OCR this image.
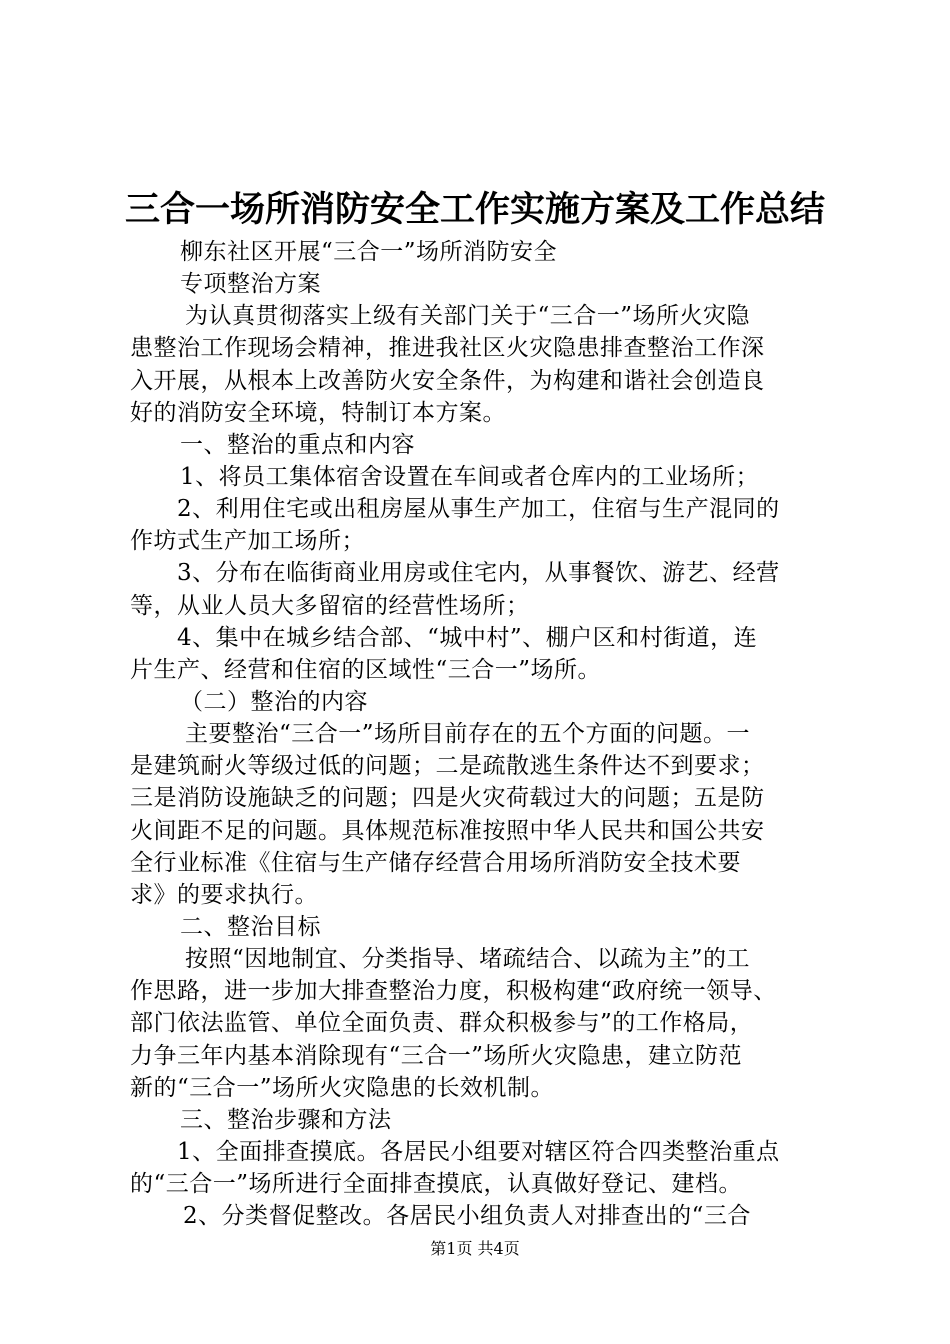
三合一场所消防安全工作实施方案及工作总结
柳东社区开展“三合一”场所消防安全
专项整治方案
为认真贯彻落实上级有关部门关于“三合一”场所火灾隐
患整治工作现场会精神，推进我社区火灾隐患排查整治工作深
入开展，从根本上改善防火安全条件，为构建和谐社会创造良
好的消防安全环境，特制订本方案。
一、整治的重点和内容
1、将员工集体宿舍设置在车间或者仓库内的工业场所；
2、利用住宅或出租房屋从事生产加工，住宿与生产混同的
作坊式生产加工场所；
3、分布在临街商业用房或住宅内，从事餐饮、游艺、经营
等，从业人员大多留宿的经营性场所；
4、集中在城乡结合部、“城中村”、棚户区和村街道，连
片生产、经营和住宿的区域性“三合一”场所。
（二）整治的内容
主要整治“三合一”场所目前存在的五个方面的问题。一
是建筑耐火等级过低的问题；二是疏散逃生条件达不到要求；
三是消防设施缺乏的问题；四是火灾荷载过大的问题；五是防
火间距不足的问题。具体规范标准按照中华人民共和国公共安
全行业标准《住宿与生产储存经营合用场所消防安全技术要
求》的要求执行。
二、整治目标
按照“因地制宜、分类指导、堵疏结合、以疏为主”的工
作思路，进一步加大排查整治力度，积极构建“政府统一领导、
部门依法监管、单位全面负责、群众积极参与”的工作格局，
力争三年内基本消除现有“三合一”场所火灾隐患，建立防范
新的“三合一”场所火灾隐患的长效机制。
三、整治步骤和方法
1、全面排查摸底。各居民小组要对辖区符合四类整治重点
的“三合一”场所进行全面排查摸底，认真做好登记、建档。
2、分类督促整改。各居民小组负责人对排查出的“三合
第1页 共4页
